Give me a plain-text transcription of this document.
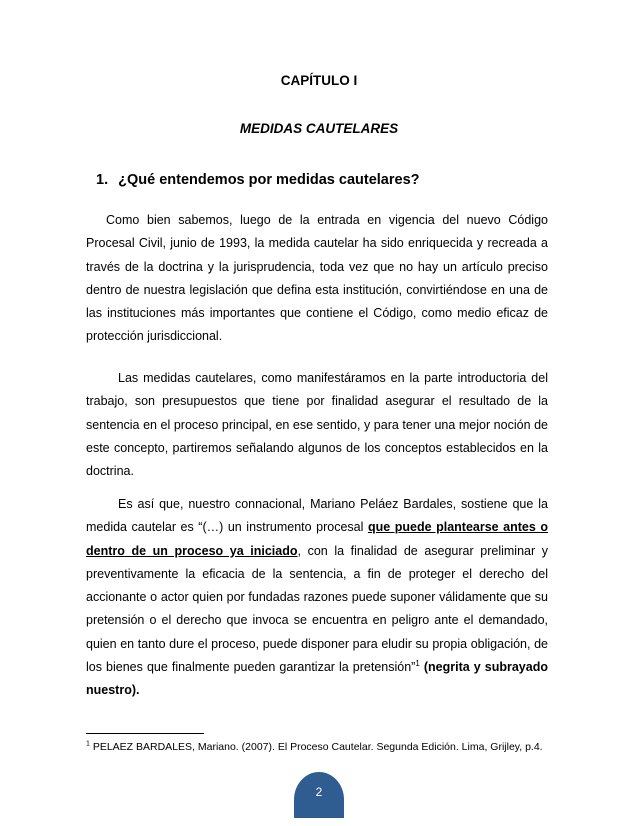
CAPÍTULO I
MEDIDAS CAUTELARES
1. ¿Qué entendemos por medidas cautelares?
Como bien sabemos, luego de la entrada en vigencia del nuevo Código Procesal Civil, junio de 1993, la medida cautelar ha sido enriquecida y recreada a través de la doctrina y la jurisprudencia, toda vez que no hay un artículo preciso dentro de nuestra legislación que defina esta institución, convirtiéndose en una de las instituciones más importantes que contiene el Código, como medio eficaz de protección jurisdiccional.
Las medidas cautelares, como manifestáramos en la parte introductoria del trabajo, son presupuestos que tiene por finalidad asegurar el resultado de la sentencia en el proceso principal, en ese sentido, y para tener una mejor noción de este concepto, partiremos señalando algunos de los conceptos establecidos en la doctrina.
Es así que, nuestro connacional, Mariano Peláez Bardales, sostiene que la medida cautelar es “(…) un instrumento procesal que puede plantearse antes o dentro de un proceso ya iniciado, con la finalidad de asegurar preliminar y preventivamente la eficacia de la sentencia, a fin de proteger el derecho del accionante o actor quien por fundadas razones puede suponer válidamente que su pretensión o el derecho que invoca se encuentra en peligro ante el demandado, quien en tanto dure el proceso, puede disponer para eludir su propia obligación, de los bienes que finalmente pueden garantizar la pretensión”$^1$ (negrita y subrayado nuestro).
$^1$ PELAEZ BARDALES, Mariano. (2007). El Proceso Cautelar. Segunda Edición. Lima, Grijley, p.4.
2
